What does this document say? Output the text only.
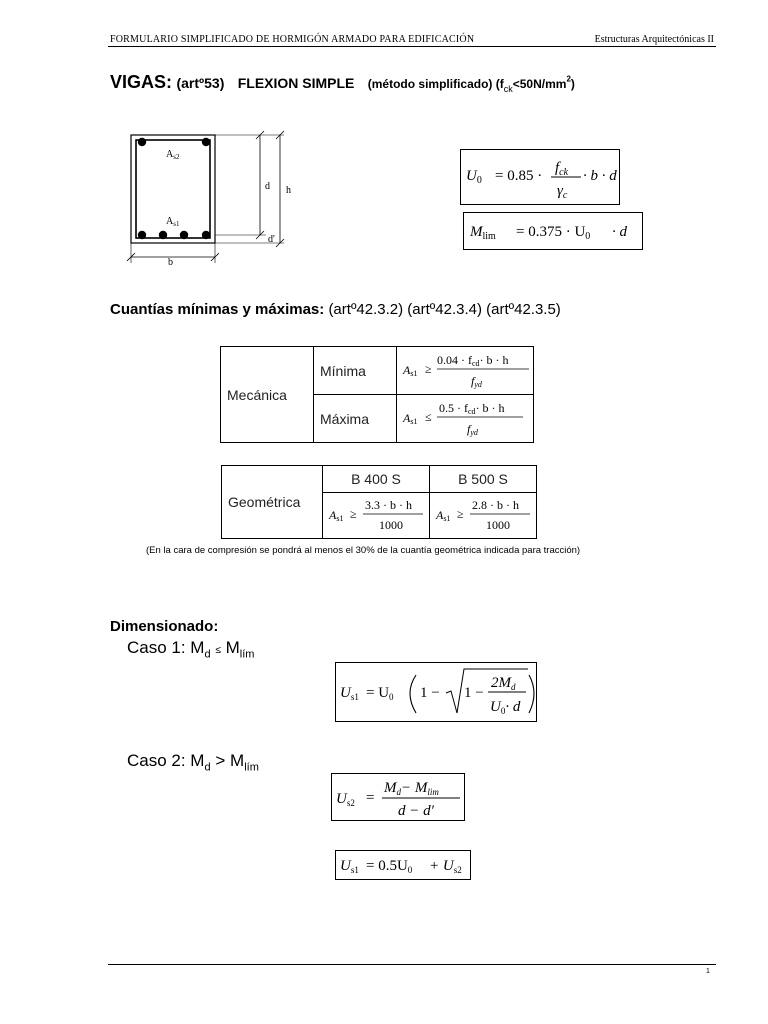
FORMULARIO SIMPLIFICADO DE HORMIGÓN ARMADO PARA EDIFICACIÓN	Estructuras Arquitectónicas II
VIGAS: (artº53) FLEXION SIMPLE (método simplificado) $(f_{ck}<50N/mm^2)$
$A_{s2}$
$A_{s1}$
d h
d'
b
$U_0 = 0.85 \cdot f_{ck}$
$\gamma_c$
· b · d
$M_{lim} = 0.375 \cdot U_0 \cdot d$
Cuantías mínimas y máximas: (artº42.3.2) (artº42.3.4) (artº42.3.5)
Mecánica	Mínima	As1 ≥
0.04 · fcd· b · h
fyd

	Máxima	As1 ≤
0.5 · fcd· b · h
fyd
Geométrica	B 400 S	B 500 S

As1 ≥
3.3 · b · h
1000	As1 ≥
2.8 · b · h
1000
(En la cara de compresión se pondrá al menos el 30% de la cuantía geométrica indicada para tracción)
Dimensionado:
Caso 1: $M_d \le M_{lím}$
$U_{s1} = U_0$ 1 − 1 −
$2M_d$
$U_0\cdot d$
Caso 2: $M_d > M_{lím}$
$U_{s2}$ =
$M_d- M_{lim}$
d − d′
$U_{s1} = 0.5U_0 + U_{s2}$
1
